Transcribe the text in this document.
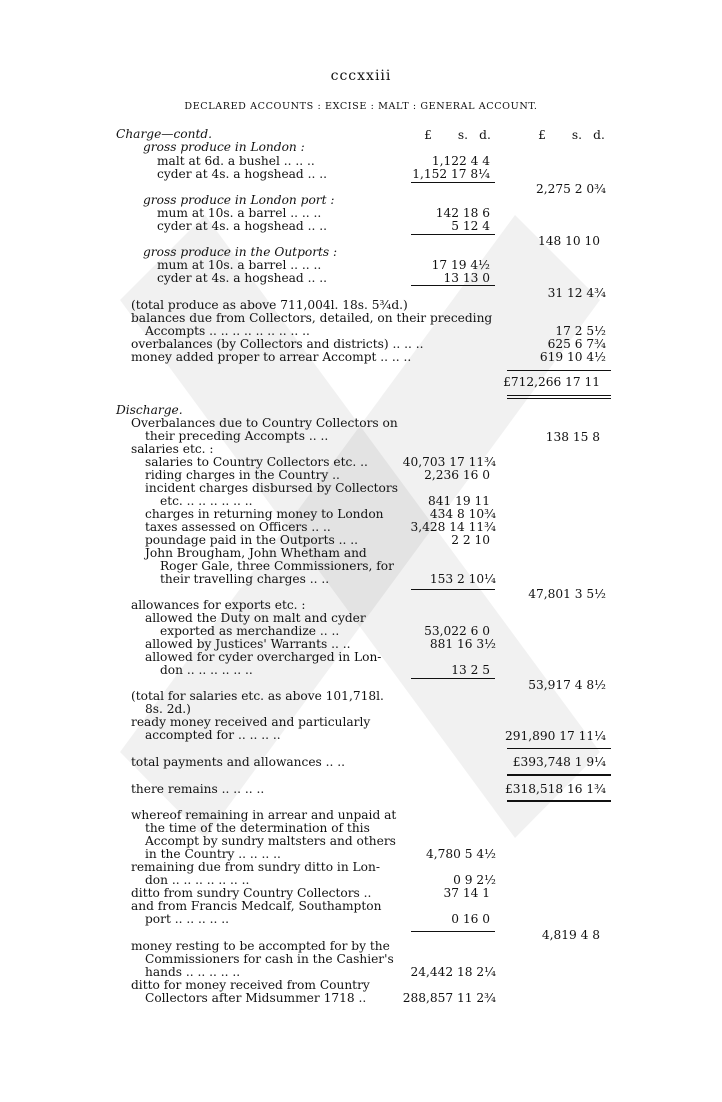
cccxxiii
DECLARED ACCOUNTS : EXCISE : MALT : GENERAL ACCOUNT.
£ s. d.	£ s. d.
Charge—contd.
gross produce in London :
malt at 6d. a bushel .. .. ..	1,122 4 4
cyder at 4s. a hogshead .. ..	1,152 17 8¼
2,275 2 0¾
gross produce in London port :
mum at 10s. a barrel .. .. ..	142 18 6
cyder at 4s. a hogshead .. ..	5 12 4
148 10 10
gross produce in the Outports :
mum at 10s. a barrel .. .. ..	17 19 4½
cyder at 4s. a hogshead .. ..	13 13 0
31 12 4¾
(total produce as above 711,004l. 18s. 5¾d.)
balances due from Collectors, detailed, on their preceding
Accompts .. .. .. .. .. .. .. .. ..	17 2 5½
overbalances (by Collectors and districts) .. .. ..	625 6 7¾
money added proper to arrear Accompt .. .. ..	619 10 4½
£712,266 17 11
Discharge.
Overbalances due to Country Collectors on
their preceding Accompts .. ..	138 15 8
salaries etc. :
salaries to Country Collectors etc. ..	40,703 17 11¾
riding charges in the Country ..	2,236 16 0
incident charges disbursed by Collectors
etc. .. .. .. .. .. ..	841 19 11
charges in returning money to London	434 8 10¾
taxes assessed on Officers .. ..	3,428 14 11¾
poundage paid in the Outports .. ..	2 2 10
John Brougham, John Whetham and
Roger Gale, three Commissioners, for
their travelling charges .. ..	153 2 10¼
47,801 3 5½
allowances for exports etc. :
allowed the Duty on malt and cyder
exported as merchandize .. ..	53,022 6 0
allowed by Justices' Warrants .. ..	881 16 3½
allowed for cyder overcharged in Lon-
don .. .. .. .. .. ..	13 2 5
53,917 4 8½
(total for salaries etc. as above 101,718l.
8s. 2d.)
ready money received and particularly
accompted for .. .. .. ..	291,890 17 11¼
total payments and allowances .. ..	£393,748 1 9¼
there remains .. .. .. ..	£318,518 16 1¾
whereof remaining in arrear and unpaid at
the time of the determination of this
Accompt by sundry maltsters and others
in the Country .. .. .. ..	4,780 5 4½
remaining due from sundry ditto in Lon-
don .. .. .. .. .. .. ..	0 9 2½
ditto from sundry Country Collectors ..	37 14 1
and from Francis Medcalf, Southampton
port .. .. .. .. ..	0 16 0
4,819 4 8
money resting to be accompted for by the
Commissioners for cash in the Cashier's
hands .. .. .. .. ..	24,442 18 2¼
ditto for money received from Country
Collectors after Midsummer 1718 ..	288,857 11 2¾
